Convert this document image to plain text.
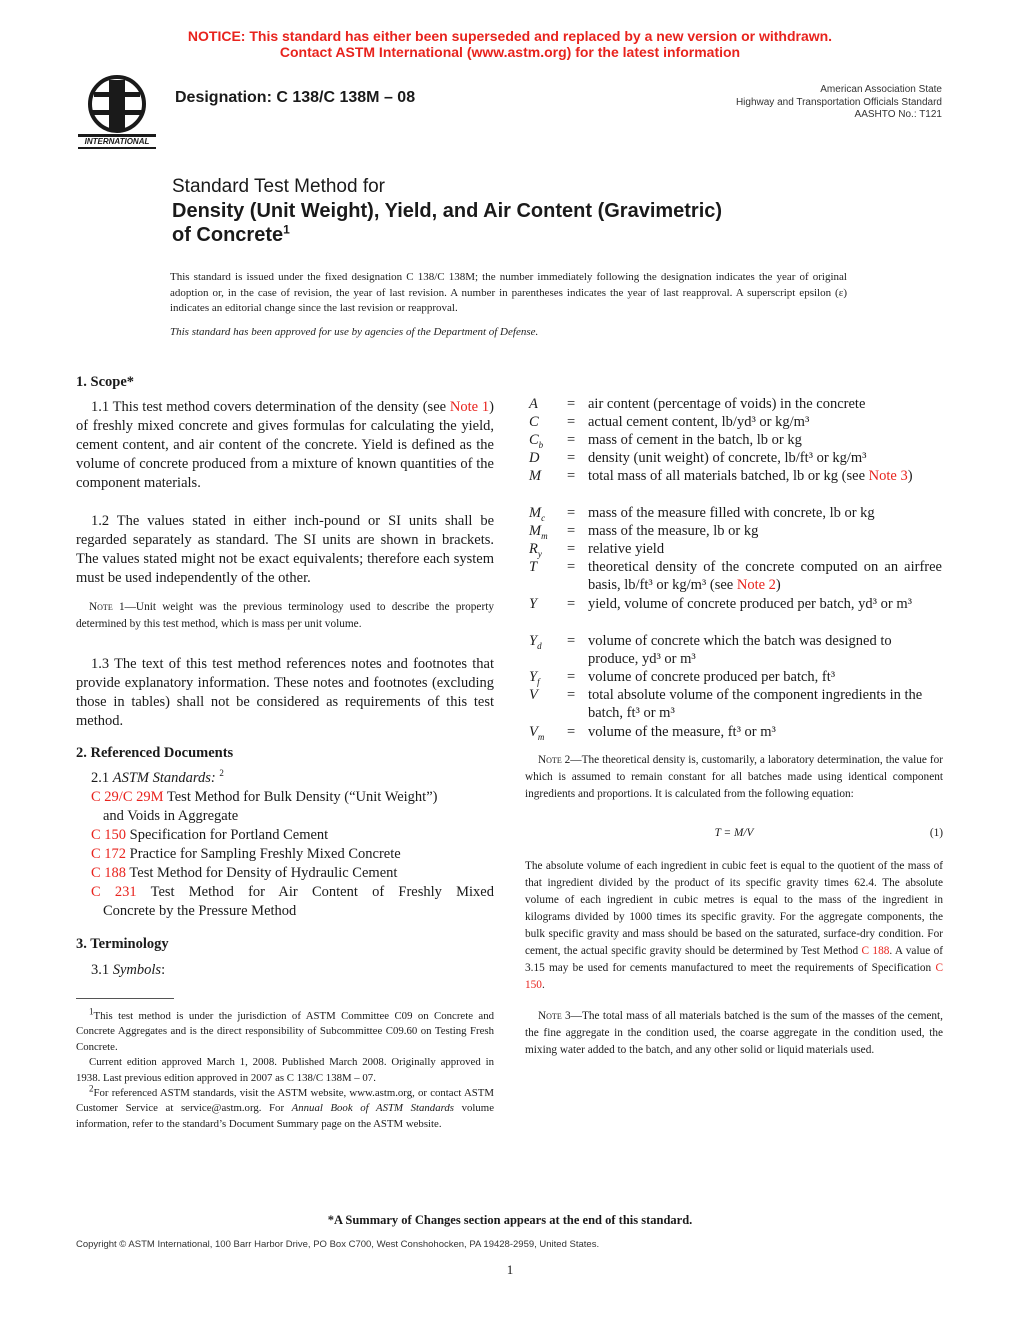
NOTICE: This standard has either been superseded and replaced by a new version or withdrawn.
Contact ASTM International (www.astm.org) for the latest information
INTERNATIONAL
Designation: C 138/C 138M – 08	American Association State
Highway and Transportation Officials Standard
AASHTO No.: T121
Standard Test Method for
Density (Unit Weight), Yield, and Air Content (Gravimetric)
of Concrete$^1$
This standard is issued under the fixed designation C 138/C 138M; the number immediately following the designation indicates the year of original adoption or, in the case of revision, the year of last revision. A number in parentheses indicates the year of last reapproval. A superscript epsilon (ε) indicates an editorial change since the last revision or reapproval.
This standard has been approved for use by agencies of the Department of Defense.
1. Scope*
1.1 This test method covers determination of the density (see Note 1) of freshly mixed concrete and gives formulas for calculating the yield, cement content, and air content of the concrete. Yield is defined as the volume of concrete produced from a mixture of known quantities of the component materials.
1.2 The values stated in either inch-pound or SI units shall be regarded separately as standard. The SI units are shown in brackets. The values stated might not be exact equivalents; therefore each system must be used independently of the other.
Note 1—Unit weight was the previous terminology used to describe the property determined by this test method, which is mass per unit volume.
1.3 The text of this test method references notes and footnotes that provide explanatory information. These notes and footnotes (excluding those in tables) shall not be considered as requirements of this test method.
2. Referenced Documents
2.1 ASTM Standards: $^2$
C 29/C 29M Test Method for Bulk Density (“Unit Weight”)
and Voids in Aggregate
C 150 Specification for Portland Cement
C 172 Practice for Sampling Freshly Mixed Concrete
C 188 Test Method for Density of Hydraulic Cement
C 231 Test Method for Air Content of Freshly Mixed
Concrete by the Pressure Method
3. Terminology
3.1 Symbols:
$^1$This test method is under the jurisdiction of ASTM Committee C09 on Concrete and Concrete Aggregates and is the direct responsibility of Subcommittee C09.60 on Testing Fresh Concrete.
Current edition approved March 1, 2008. Published March 2008. Originally approved in 1938. Last previous edition approved in 2007 as C 138/C 138M – 07.
$^2$For referenced ASTM standards, visit the ASTM website, www.astm.org, or contact ASTM Customer Service at service@astm.org. For Annual Book of ASTM Standards volume information, refer to the standard’s Document Summary page on the ASTM website.
A = air content (percentage of voids) in the concrete
C = actual cement content, lb/yd³ or kg/m³
$C_b$ = mass of cement in the batch, lb or kg
D = density (unit weight) of concrete, lb/ft³ or kg/m³
M = total mass of all materials batched, lb or kg (see Note 3)
$M_c$ = mass of the measure filled with concrete, lb or kg
$M_m$ = mass of the measure, lb or kg
$R_y$ = relative yield
T = theoretical density of the concrete computed on an airfree basis, lb/ft³ or kg/m³ (see Note 2)
Y = yield, volume of concrete produced per batch, yd³ or m³
$Y_d$ = volume of concrete which the batch was designed to produce, yd³ or m³
$Y_f$ = volume of concrete produced per batch, ft³
V = total absolute volume of the component ingredients in the batch, ft³ or m³
$V_m$ = volume of the measure, ft³ or m³
Note 2—The theoretical density is, customarily, a laboratory determination, the value for which is assumed to remain constant for all batches made using identical component ingredients and proportions. It is calculated from the following equation:
T = M/V	(1)
The absolute volume of each ingredient in cubic feet is equal to the quotient of the mass of that ingredient divided by the product of its specific gravity times 62.4. The absolute volume of each ingredient in cubic metres is equal to the mass of the ingredient in kilograms divided by 1000 times its specific gravity. For the aggregate components, the bulk specific gravity and mass should be based on the saturated, surface-dry condition. For cement, the actual specific gravity should be determined by Test Method C 188. A value of 3.15 may be used for cements manufactured to meet the requirements of Specification C 150.
Note 3—The total mass of all materials batched is the sum of the masses of the cement, the fine aggregate in the condition used, the coarse aggregate in the condition used, the mixing water added to the batch, and any other solid or liquid materials used.
*A Summary of Changes section appears at the end of this standard.
Copyright © ASTM International, 100 Barr Harbor Drive, PO Box C700, West Conshohocken, PA 19428-2959, United States.
1
